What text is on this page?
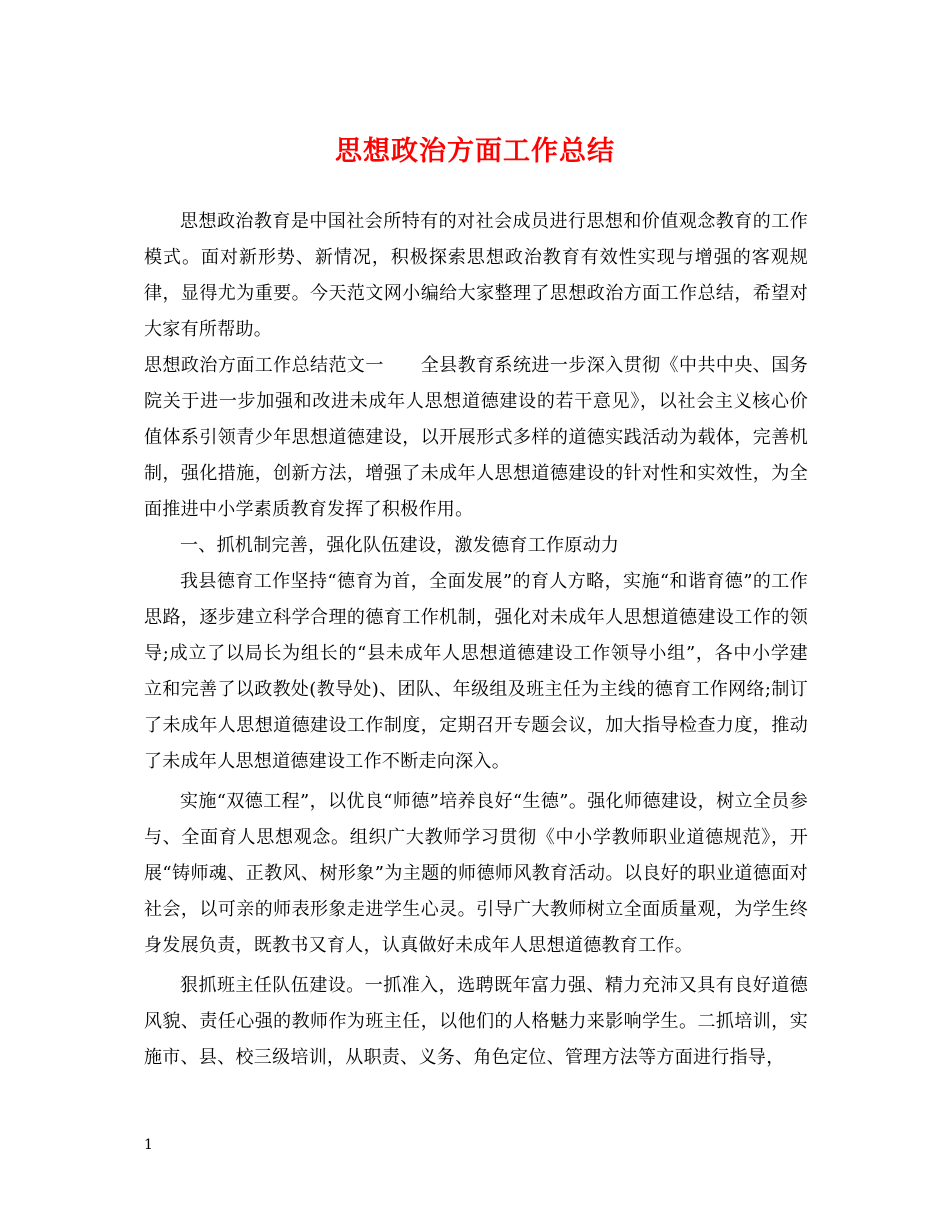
思想政治方面工作总结

思想政治教育是中国社会所特有的对社会成员进行思想和价值观念教育的工作模式。面对新形势、新情况，积极探索思想政治教育有效性实现与增强的客观规律，显得尤为重要。今天范文网小编给大家整理了思想政治方面工作总结，希望对大家有所帮助。

思想政治方面工作总结范文一　　全县教育系统进一步深入贯彻《中共中央、国务院关于进一步加强和改进未成年人思想道德建设的若干意见》，以社会主义核心价值体系引领青少年思想道德建设，以开展形式多样的道德实践活动为载体，完善机制，强化措施，创新方法，增强了未成年人思想道德建设的针对性和实效性，为全面推进中小学素质教育发挥了积极作用。

一、抓机制完善，强化队伍建设，激发德育工作原动力

我县德育工作坚持“德育为首，全面发展”的育人方略，实施“和谐育德”的工作思路，逐步建立科学合理的德育工作机制，强化对未成年人思想道德建设工作的领导;成立了以局长为组长的“县未成年人思想道德建设工作领导小组”，各中小学建立和完善了以政教处(教导处)、团队、年级组及班主任为主线的德育工作网络;制订了未成年人思想道德建设工作制度，定期召开专题会议，加大指导检查力度，推动了未成年人思想道德建设工作不断走向深入。

实施“双德工程”，以优良“师德”培养良好“生德”。强化师德建设，树立全员参与、全面育人思想观念。组织广大教师学习贯彻《中小学教师职业道德规范》，开展“铸师魂、正教风、树形象”为主题的师德师风教育活动。以良好的职业道德面对社会，以可亲的师表形象走进学生心灵。引导广大教师树立全面质量观，为学生终身发展负责，既教书又育人，认真做好未成年人思想道德教育工作。

狠抓班主任队伍建设。一抓准入，选聘既年富力强、精力充沛又具有良好道德风貌、责任心强的教师作为班主任，以他们的人格魅力来影响学生。二抓培训，实施市、县、校三级培训，从职责、义务、角色定位、管理方法等方面进行指导，

1
